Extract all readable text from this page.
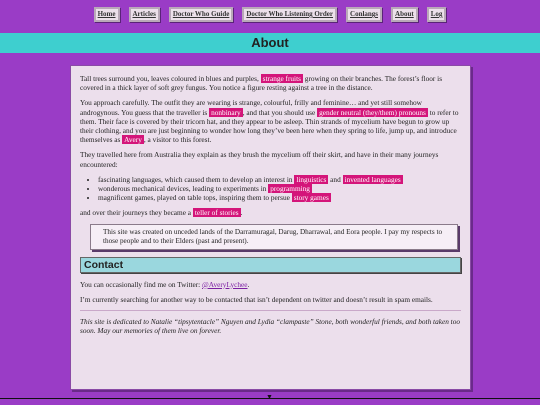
Home	Articles	Doctor Who Guide	Doctor Who Listening Order	Conlangs	About	Log
About

Tall trees surround you, leaves coloured in blues and purples, strange fruits growing on their branches. The forest’s floor is covered in a thick layer of soft grey fungus. You notice a figure resting against a tree in the distance.

You approach carefully. The outfit they are wearing is strange, colourful, frilly and feminine… and yet still somehow androgynous. You guess that the traveller is nonbinary , and that you should use gender neutral (they/them) pronouns to refer to them. Their face is covered by their tricorn hat, and they appear to be asleep. Thin strands of mycelium have begun to grow up their clothing, and you are just beginning to wonder how long they’ve been here when they spring to life, jump up, and introduce themselves as Avery , a visitor to this forest.

They travelled here from Australia they explain as they brush the mycelium off their skirt, and have in their many journeys encountered:

• fascinating languages, which caused them to develop an interest in linguistics and invented languages
• wonderous mechanical devices, leading to experiments in programming
• magnificent games, played on table tops, inspiring them to persue story games

and over their journeys they became a teller of stories .

This site was created on unceded lands of the Darramuragal, Darug, Dharrawal, and Eora people. I pay my respects to those people and to their Elders (past and present).
Contact

You can occasionally find me on Twitter: @AveryLychee.

I’m currently searching for another way to be contacted that isn’t dependent on twitter and doesn’t result in spam emails.

This site is dedicated to Natalie “tipsytentacle” Nguyen and Lydia “clampaste” Stone, both wonderful friends, and both taken too soon. May our memories of them live on forever.

▼
